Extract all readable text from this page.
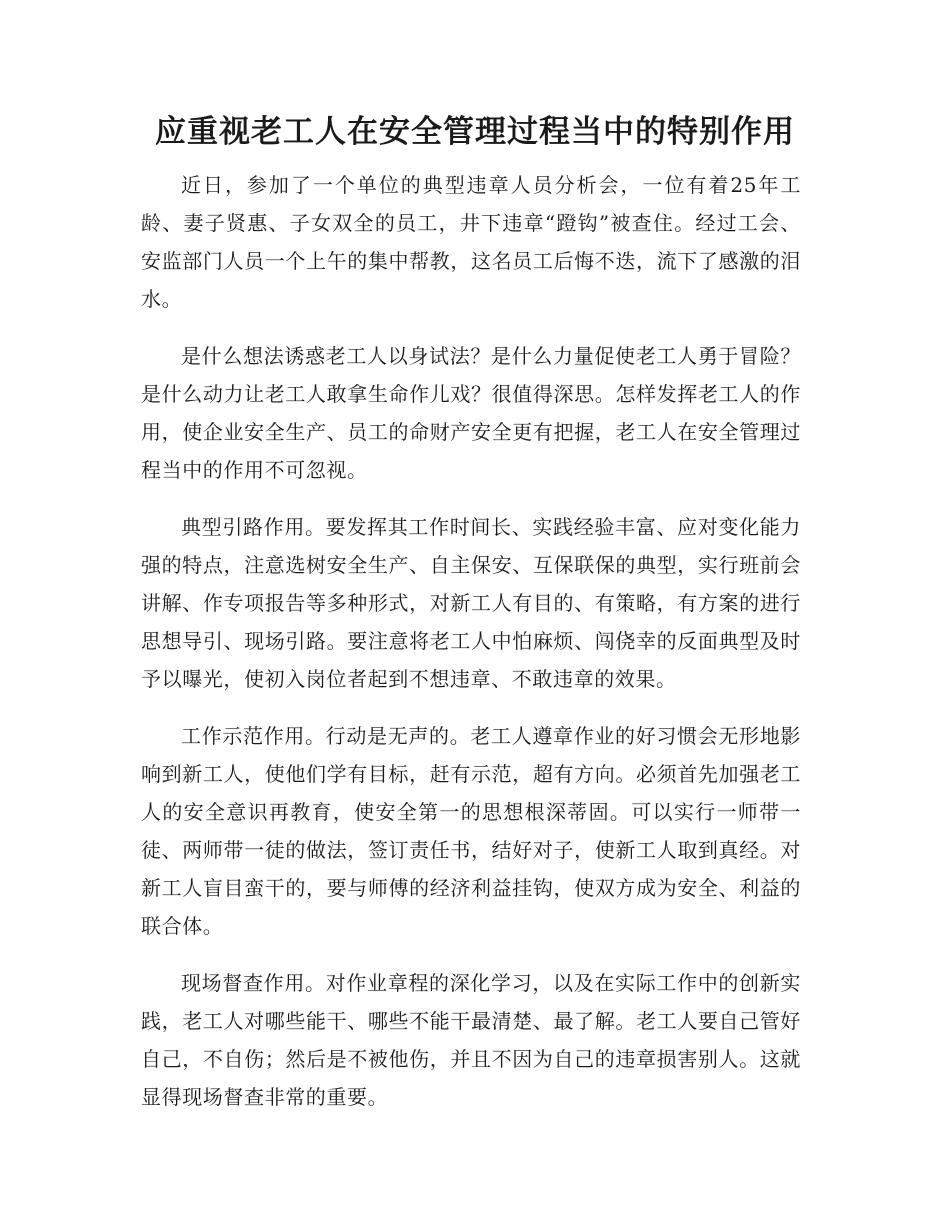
应重视老工人在安全管理过程当中的特别作用

近日，参加了一个单位的典型违章人员分析会，一位有着25年工龄、妻子贤惠、子女双全的员工，井下违章“蹬钩”被查住。经过工会、安监部门人员一个上午的集中帮教，这名员工后悔不迭，流下了感激的泪水。

是什么想法诱惑老工人以身试法？是什么力量促使老工人勇于冒险？是什么动力让老工人敢拿生命作儿戏？很值得深思。怎样发挥老工人的作用，使企业安全生产、员工的命财产安全更有把握，老工人在安全管理过程当中的作用不可忽视。

典型引路作用。要发挥其工作时间长、实践经验丰富、应对变化能力强的特点，注意选树安全生产、自主保安、互保联保的典型，实行班前会讲解、作专项报告等多种形式，对新工人有目的、有策略，有方案的进行思想导引、现场引路。要注意将老工人中怕麻烦、闯侥幸的反面典型及时予以曝光，使初入岗位者起到不想违章、不敢违章的效果。

工作示范作用。行动是无声的。老工人遵章作业的好习惯会无形地影响到新工人，使他们学有目标，赶有示范，超有方向。必须首先加强老工人的安全意识再教育，使安全第一的思想根深蒂固。可以实行一师带一徒、两师带一徒的做法，签订责任书，结好对子，使新工人取到真经。对新工人盲目蛮干的，要与师傅的经济利益挂钩，使双方成为安全、利益的联合体。

现场督查作用。对作业章程的深化学习，以及在实际工作中的创新实践，老工人对哪些能干、哪些不能干最清楚、最了解。老工人要自己管好自己，不自伤；然后是不被他伤，并且不因为自己的违章损害别人。这就显得现场督查非常的重要。
